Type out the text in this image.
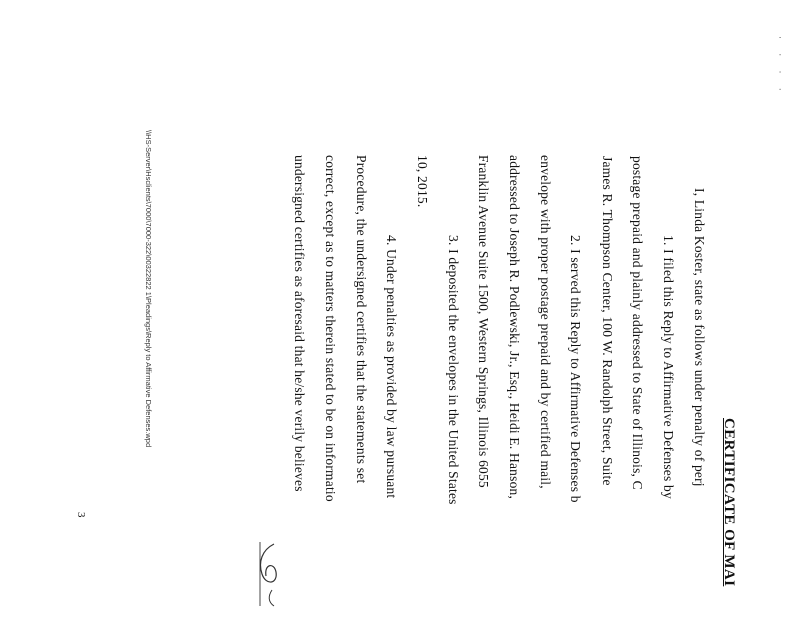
· · · ·
CERTIFICATE OF MAI
I, Linda Koster, state as follows under penalty of perj
1. I filed this Reply to Affirmative Defenses by
postage prepaid and plainly addressed to State of Illinois, C
James R. Thompson Center, 100 W. Randolph Street, Suite
2. I served this Reply to Affirmative Defenses b
envelope with proper postage prepaid and by certified mail,
addressed to Joseph R. Podlewski, Jr., Esq., Heidi E. Hanson,
Franklin Avenue Suite 1500, Western Springs, Illinois 6055
3. I deposited the envelopes in the United States
10, 2015.
4. Under penalties as provided by law pursuant
Procedure, the undersigned certifies that the statements set
correct, except as to matters therein stated to be on informatio
undersigned certifies as aforesaid that he/she verily believes
\\HS-Server\Hsclients\7000\7000-322\00322822 1\Pleadings\Reply to Affirmative Defenses.wpd
3
